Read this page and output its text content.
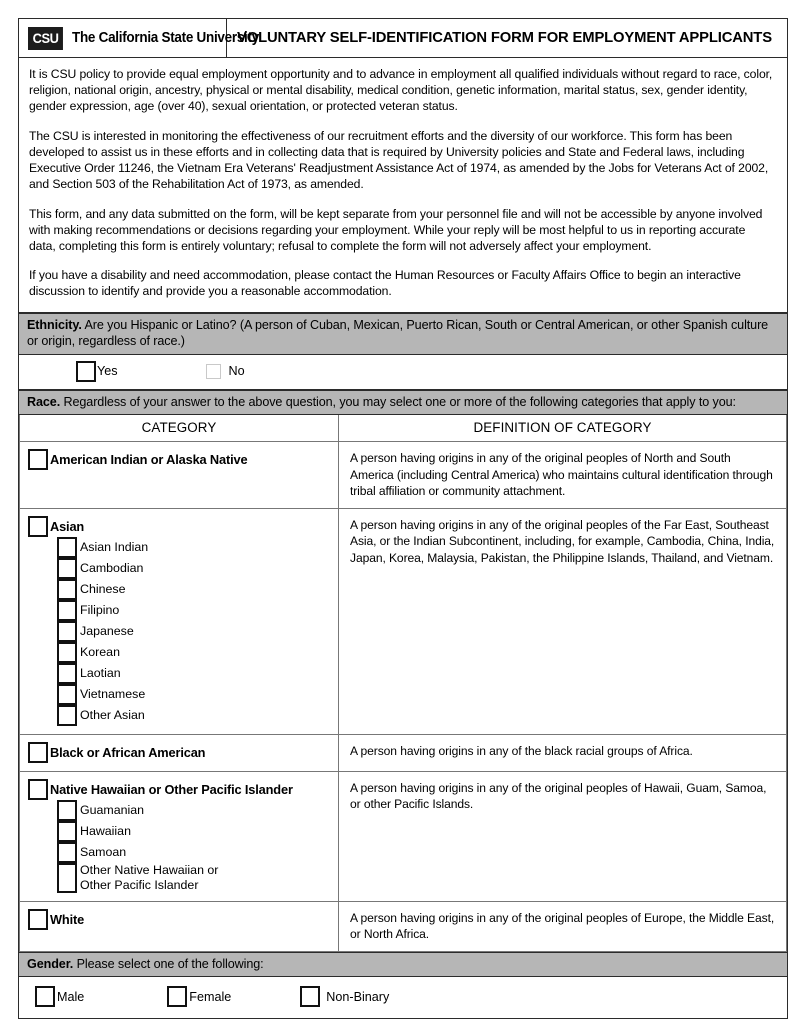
CSU The California State University
VOLUNTARY SELF-IDENTIFICATION FORM FOR EMPLOYMENT APPLICANTS

It is CSU policy to provide equal employment opportunity and to advance in employment all qualified individuals without regard to race, color, religion, national origin, ancestry, physical or mental disability, medical condition, genetic information, marital status, sex, gender identity, gender expression, age (over 40), sexual orientation, or protected veteran status.

The CSU is interested in monitoring the effectiveness of our recruitment efforts and the diversity of our workforce. This form has been developed to assist us in these efforts and in collecting data that is required by University policies and State and Federal laws, including Executive Order 11246, the Vietnam Era Veterans' Readjustment Assistance Act of 1974, as amended by the Jobs for Veterans Act of 2002, and Section 503 of the Rehabilitation Act of 1973, as amended.

This form, and any data submitted on the form, will be kept separate from your personnel file and will not be accessible by anyone involved with making recommendations or decisions regarding your employment. While your reply will be most helpful to us in reporting accurate data, completing this form is entirely voluntary; refusal to complete the form will not adversely affect your employment.

If you have a disability and need accommodation, please contact the Human Resources or Faculty Affairs Office to begin an interactive discussion to identify and provide you a reasonable accommodation.

Ethnicity. Are you Hispanic or Latino? (A person of Cuban, Mexican, Puerto Rican, South or Central American, or other Spanish culture or origin, regardless of race.)
Yes	No
Race. Regardless of your answer to the above question, you may select one or more of the following categories that apply to you:
CATEGORY	DEFINITION OF CATEGORY

American Indian or Alaska Native	A person having origins in any of the original peoples of North and South America (including Central America) who maintains cultural identification through tribal affiliation or community attachment.

Asian
Asian Indian
Cambodian
Chinese
Filipino
Japanese
Korean
Laotian
Vietnamese
Other Asian
	A person having origins in any of the original peoples of the Far East, Southeast Asia, or the Indian Subcontinent, including, for example, Cambodia, China, India, Japan, Korea, Malaysia, Pakistan, the Philippine Islands, Thailand, and Vietnam.

Black or African American	A person having origins in any of the black racial groups of Africa.

Native Hawaiian or Other Pacific Islander
Guamanian
Hawaiian
Samoan
Other Native Hawaiian or
Other Pacific Islander
	A person having origins in any of the original peoples of Hawaii, Guam, Samoa, or other Pacific Islands.

White	A person having origins in any of the original peoples of Europe, the Middle East, or North Africa.
Gender. Please select one of the following:
Male	Female	Non-Binary
